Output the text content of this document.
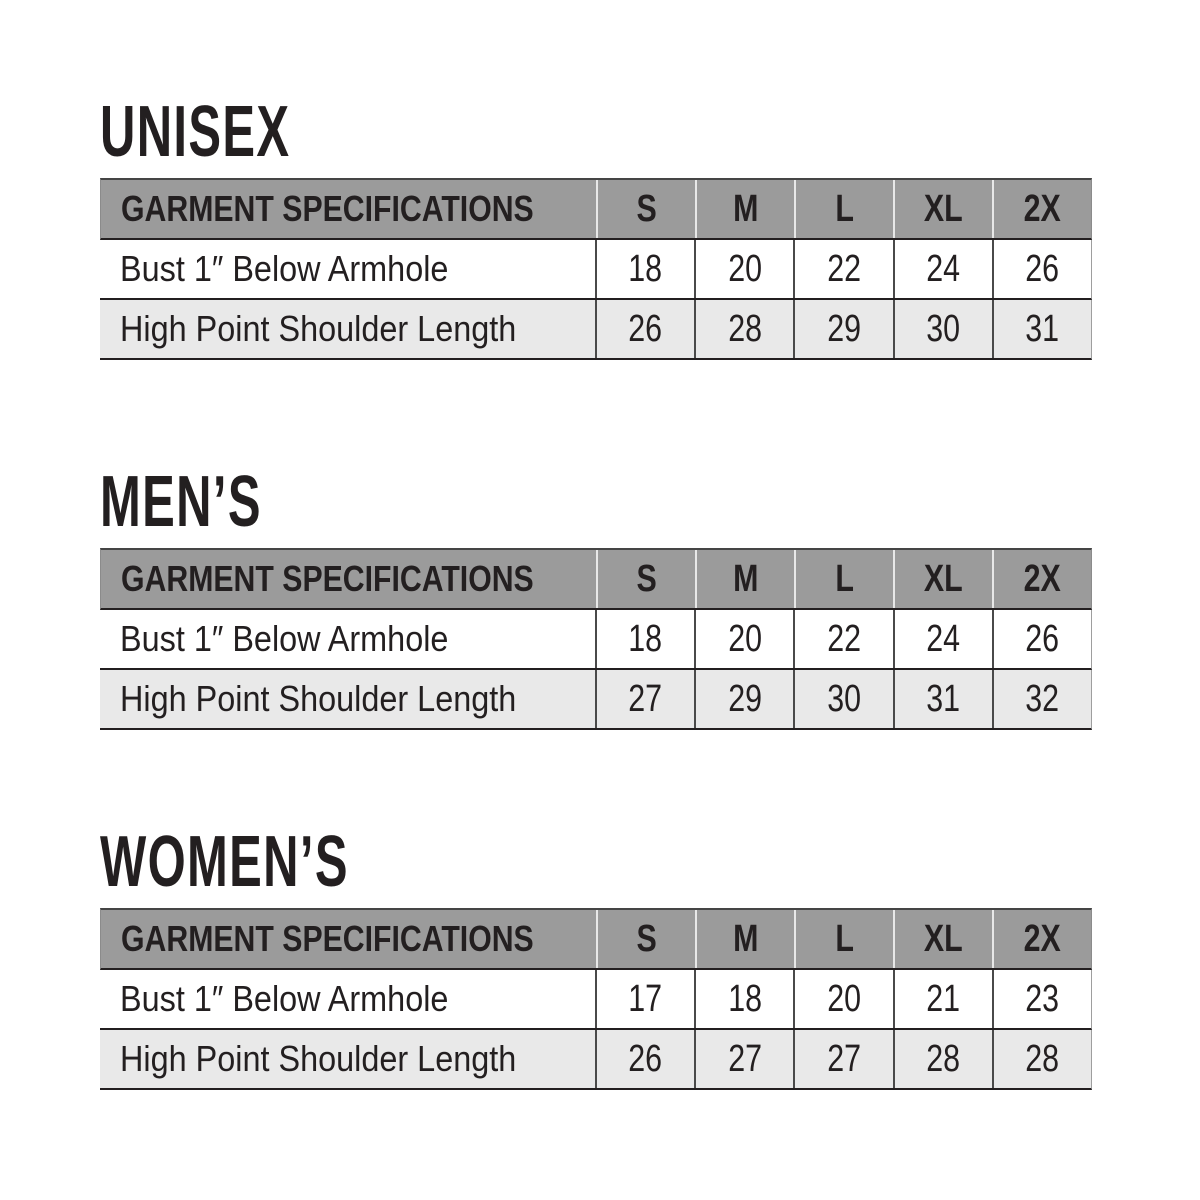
UNISEX
GARMENT SPECIFICATIONS	S M L XL 2X
Bust 1″ Below Armhole	18 20 22 24 26
High Point Shoulder Length	26 28 29 30 31
MEN’S
GARMENT SPECIFICATIONS	S M L XL 2X
Bust 1″ Below Armhole	18 20 22 24 26
High Point Shoulder Length	27 29 30 31 32
WOMEN’S
GARMENT SPECIFICATIONS	S M L XL 2X
Bust 1″ Below Armhole	17 18 20 21 23
High Point Shoulder Length	26 27 27 28 28
